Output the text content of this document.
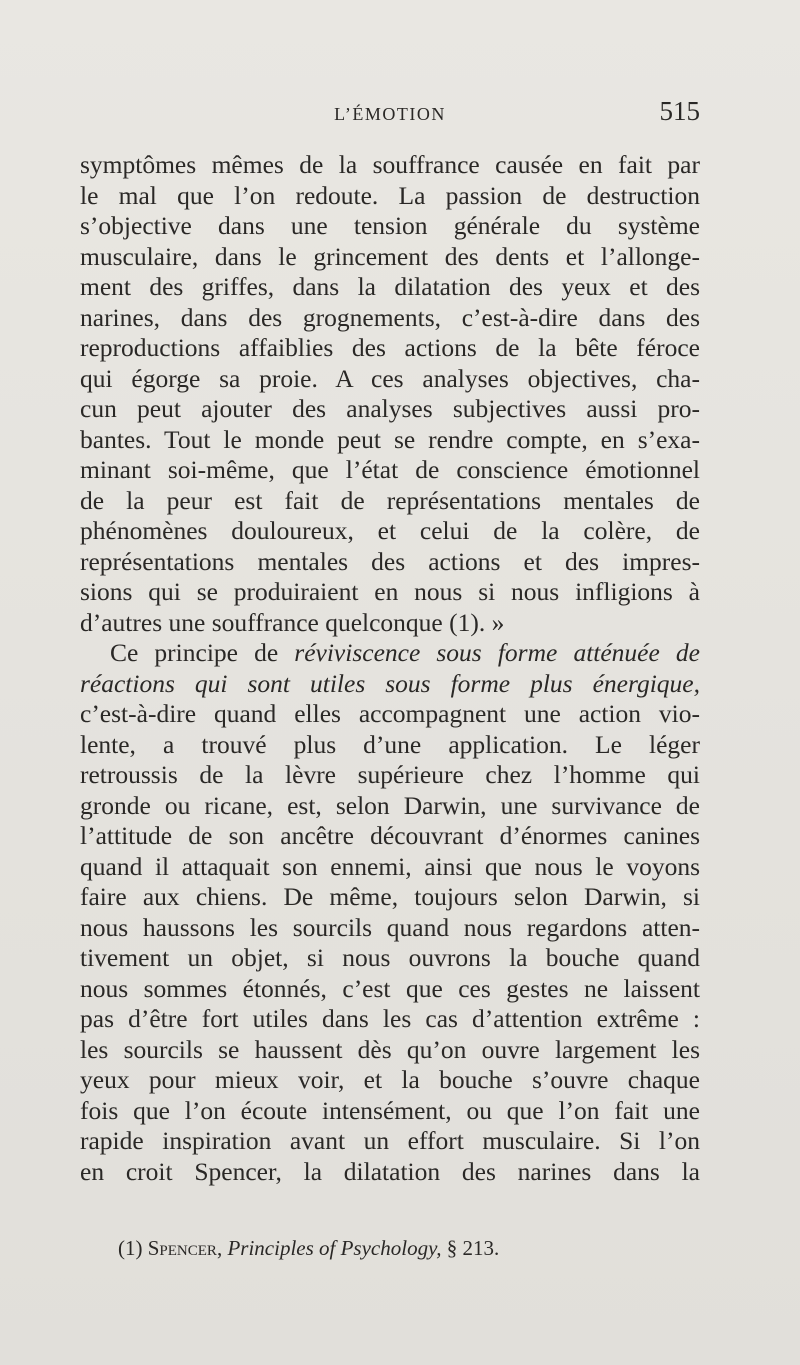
L’ÉMOTION	515
symptômes mêmes de la souffrance causée en fait par
le mal que l’on redoute. La passion de destruction
s’objective dans une tension générale du système
musculaire, dans le grincement des dents et l’allonge-
ment des griffes, dans la dilatation des yeux et des
narines, dans des grognements, c’est-à-dire dans des
reproductions affaiblies des actions de la bête féroce
qui égorge sa proie. A ces analyses objectives, cha-
cun peut ajouter des analyses subjectives aussi pro-
bantes. Tout le monde peut se rendre compte, en s’exa-
minant soi-même, que l’état de conscience émotionnel
de la peur est fait de représentations mentales de
phénomènes douloureux, et celui de la colère, de
représentations mentales des actions et des impres-
sions qui se produiraient en nous si nous infligions à
d’autres une souffrance quelconque (1). »
Ce principe de réviviscence sous forme atténuée de
réactions qui sont utiles sous forme plus énergique,
c’est-à-dire quand elles accompagnent une action vio-
lente, a trouvé plus d’une application. Le léger
retroussis de la lèvre supérieure chez l’homme qui
gronde ou ricane, est, selon Darwin, une survivance de
l’attitude de son ancêtre découvrant d’énormes canines
quand il attaquait son ennemi, ainsi que nous le voyons
faire aux chiens. De même, toujours selon Darwin, si
nous haussons les sourcils quand nous regardons atten-
tivement un objet, si nous ouvrons la bouche quand
nous sommes étonnés, c’est que ces gestes ne laissent
pas d’être fort utiles dans les cas d’attention extrême :
les sourcils se haussent dès qu’on ouvre largement les
yeux pour mieux voir, et la bouche s’ouvre chaque
fois que l’on écoute intensément, ou que l’on fait une
rapide inspiration avant un effort musculaire. Si l’on
en croit Spencer, la dilatation des narines dans la
(1) Spencer, Principles of Psychology, § 213.
